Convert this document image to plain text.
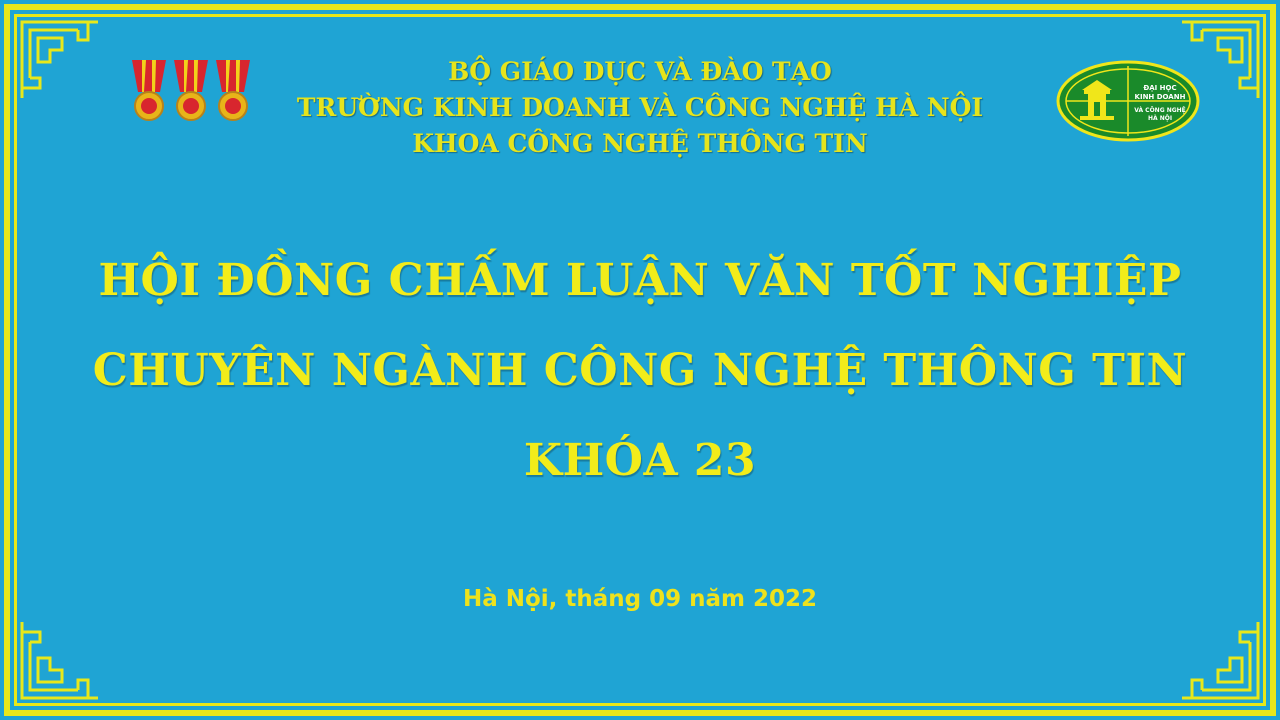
BỘ GIÁO DỤC VÀ ĐÀO TẠO
TRƯỜNG KINH DOANH VÀ CÔNG NGHỆ HÀ NỘI
KHOA CÔNG NGHỆ THÔNG TIN
ĐẠI HỌC
KINH DOANH
VÀ CÔNG NGHỆ
HÀ NỘI
HỘI ĐỒNG CHẤM LUẬN VĂN TỐT NGHIỆP
CHUYÊN NGÀNH CÔNG NGHỆ THÔNG TIN
KHÓA 23
Hà Nội, tháng 09 năm 2022
